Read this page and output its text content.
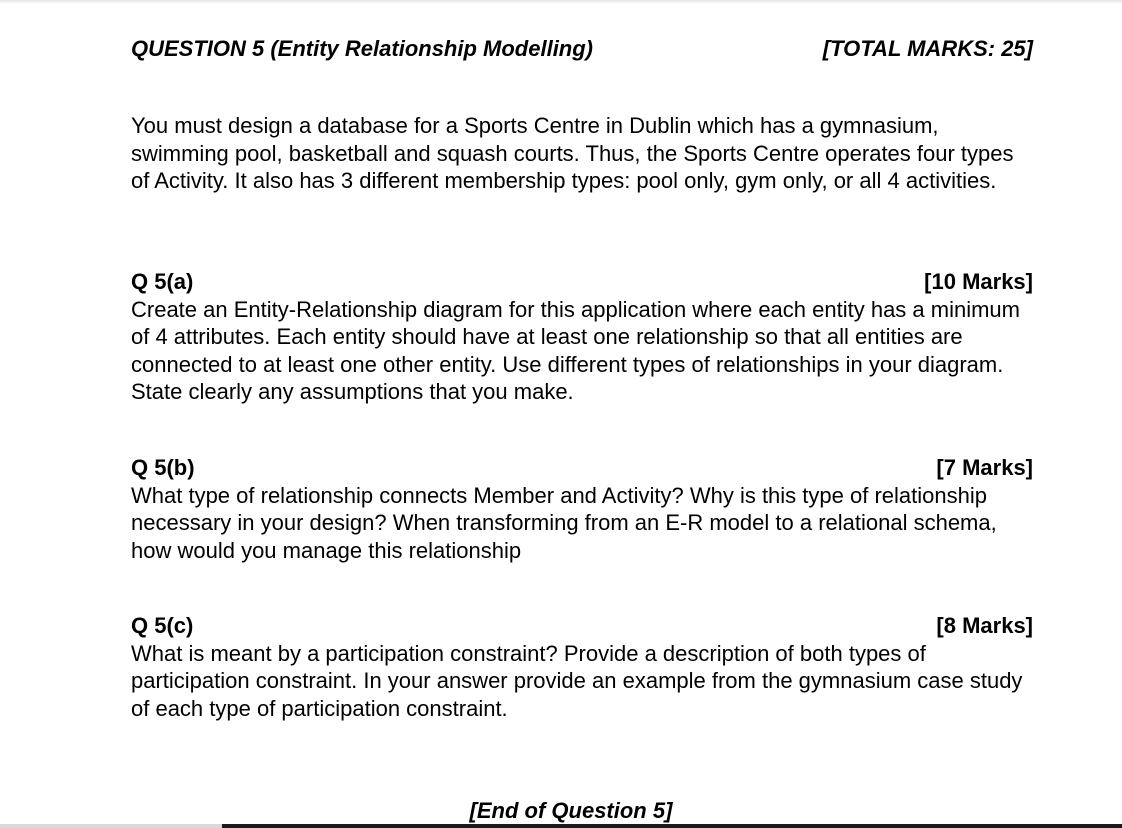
QUESTION 5 (Entity Relationship Modelling)	[TOTAL MARKS: 25]

You must design a database for a Sports Centre in Dublin which has a gymnasium, swimming pool, basketball and squash courts. Thus, the Sports Centre operates four types of Activity. It also has 3 different membership types: pool only, gym only, or all 4 activities.

Q 5(a)	[10 Marks]

Create an Entity-Relationship diagram for this application where each entity has a minimum of 4 attributes. Each entity should have at least one relationship so that all entities are connected to at least one other entity. Use different types of relationships in your diagram. State clearly any assumptions that you make.

Q 5(b)	[7 Marks]

What type of relationship connects Member and Activity? Why is this type of relationship necessary in your design? When transforming from an E-R model to a relational schema, how would you manage this relationship

Q 5(c)	[8 Marks]

What is meant by a participation constraint? Provide a description of both types of participation constraint. In your answer provide an example from the gymnasium case study of each type of participation constraint.

[End of Question 5]
